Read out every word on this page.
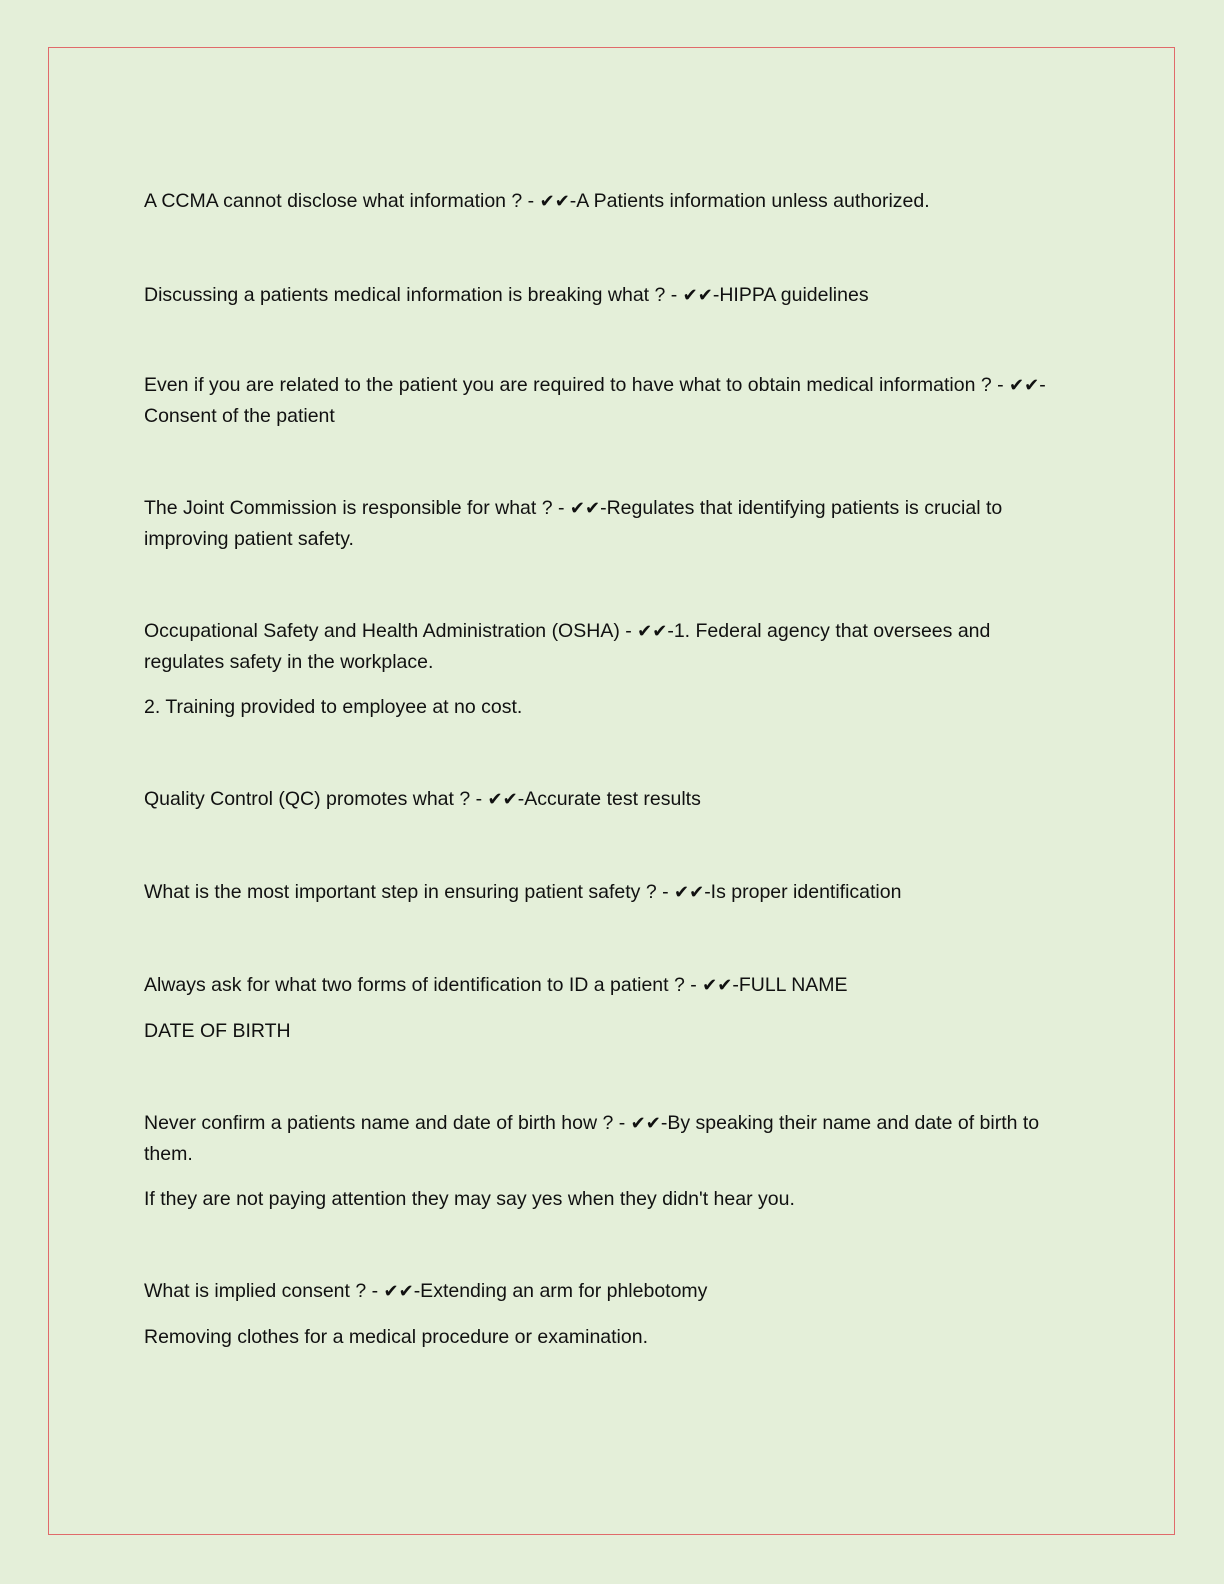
A CCMA cannot disclose what information ? - ✔✔-A Patients information unless authorized.

Discussing a patients medical information is breaking what ? - ✔✔-HIPPA guidelines

Even if you are related to the patient you are required to have what to obtain medical information ? - ✔✔-Consent of the patient

The Joint Commission is responsible for what ? - ✔✔-Regulates that identifying patients is crucial to improving patient safety.

Occupational Safety and Health Administration (OSHA) - ✔✔-1. Federal agency that oversees and regulates safety in the workplace.

2. Training provided to employee at no cost.

Quality Control (QC) promotes what ? - ✔✔-Accurate test results

What is the most important step in ensuring patient safety ? - ✔✔-Is proper identification

Always ask for what two forms of identification to ID a patient ? - ✔✔-FULL NAME

DATE OF BIRTH

Never confirm a patients name and date of birth how ? - ✔✔-By speaking their name and date of birth to them.

If they are not paying attention they may say yes when they didn't hear you.

What is implied consent ? - ✔✔-Extending an arm for phlebotomy

Removing clothes for a medical procedure or examination.
